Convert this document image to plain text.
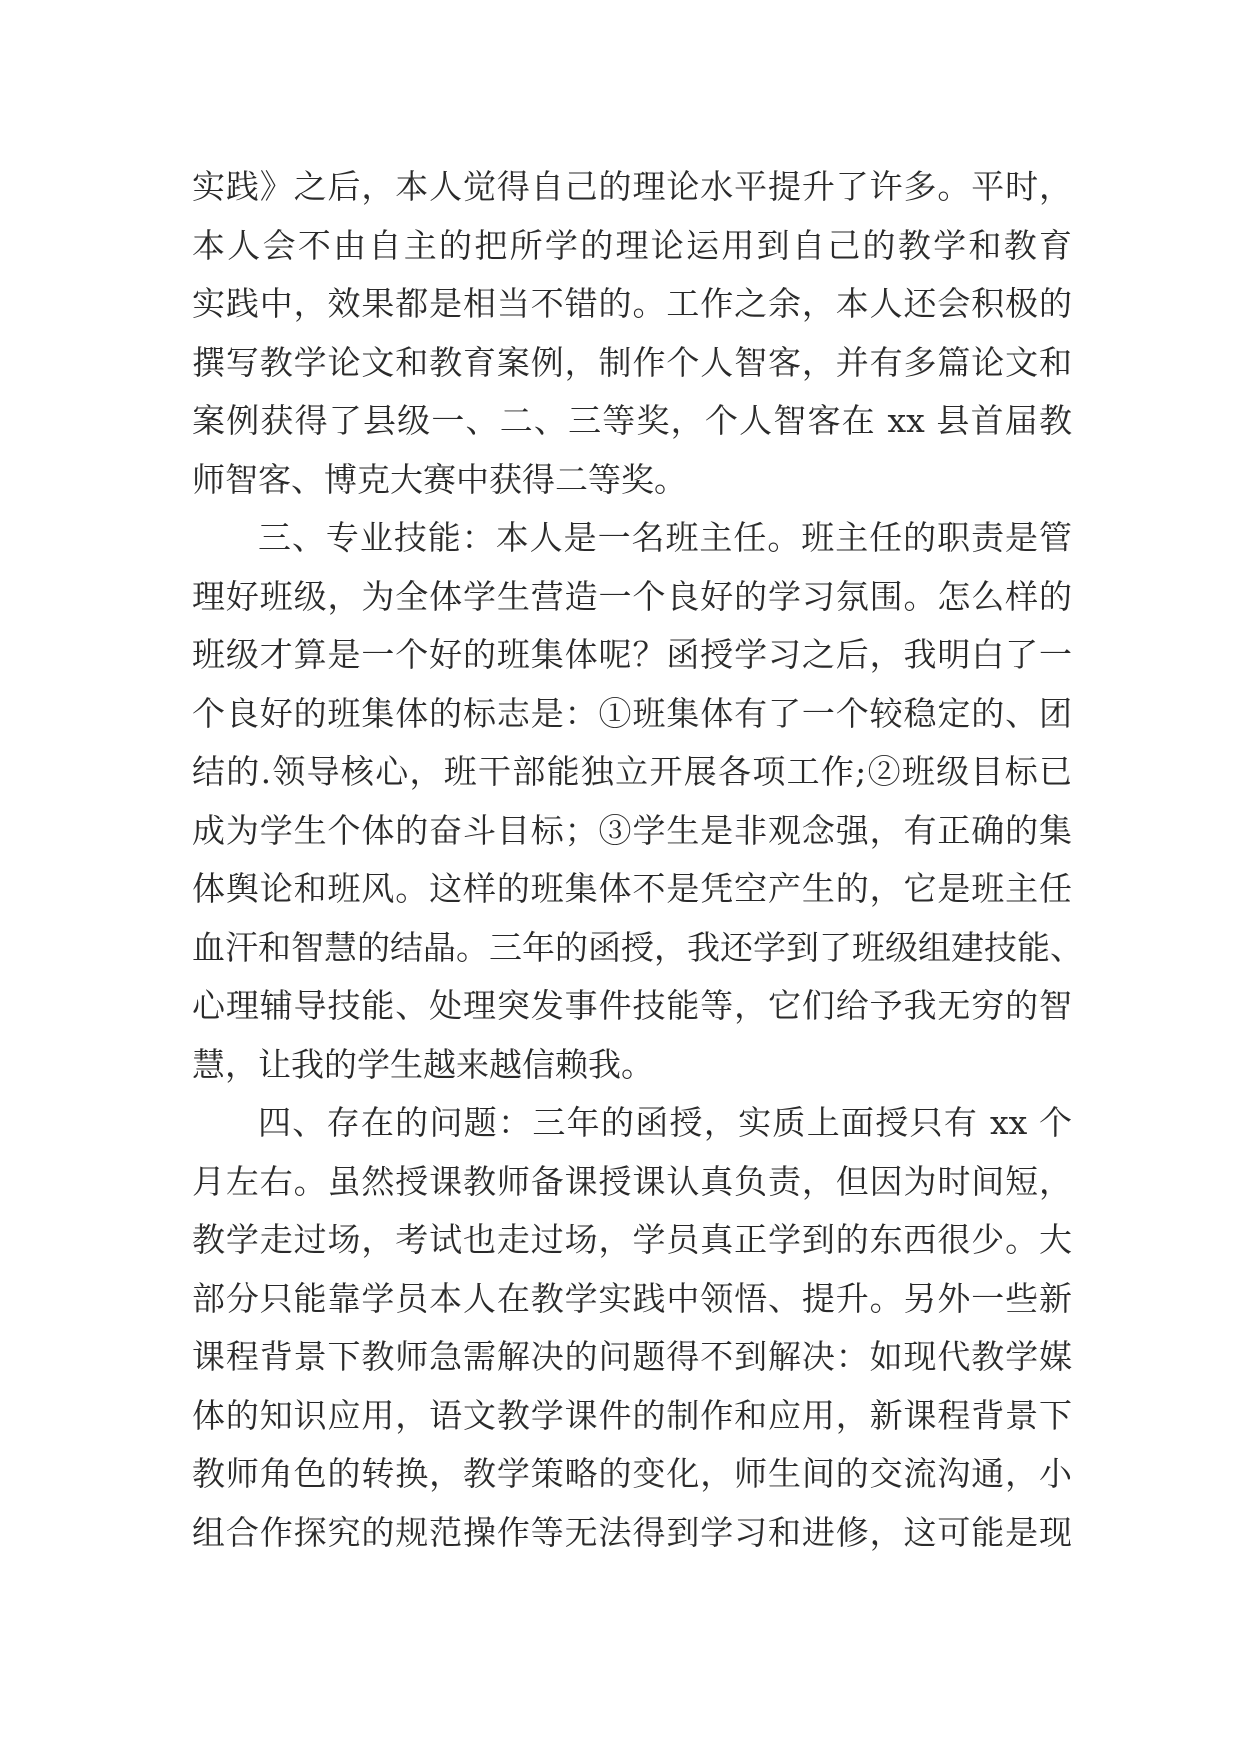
实践》之后，本人觉得自己的理论水平提升了许多。平时，
本人会不由自主的把所学的理论运用到自己的教学和教育
实践中，效果都是相当不错的。工作之余，本人还会积极的
撰写教学论文和教育案例，制作个人智客，并有多篇论文和
案例获得了县级一、二、三等奖，个人智客在 xx 县首届教
师智客、博克大赛中获得二等奖。
三、专业技能：本人是一名班主任。班主任的职责是管
理好班级，为全体学生营造一个良好的学习氛围。怎么样的
班级才算是一个好的班集体呢？函授学习之后，我明白了一
个良好的班集体的标志是：①班集体有了一个较稳定的、团
结的.领导核心，班干部能独立开展各项工作;②班级目标已
成为学生个体的奋斗目标；③学生是非观念强，有正确的集
体舆论和班风。这样的班集体不是凭空产生的，它是班主任
血汗和智慧的结晶。三年的函授，我还学到了班级组建技能、
心理辅导技能、处理突发事件技能等，它们给予我无穷的智
慧，让我的学生越来越信赖我。
四、存在的问题：三年的函授，实质上面授只有 xx 个
月左右。虽然授课教师备课授课认真负责，但因为时间短，
教学走过场，考试也走过场，学员真正学到的东西很少。大
部分只能靠学员本人在教学实践中领悟、提升。另外一些新
课程背景下教师急需解决的问题得不到解决：如现代教学媒
体的知识应用，语文教学课件的制作和应用，新课程背景下
教师角色的转换，教学策略的变化，师生间的交流沟通，小
组合作探究的规范操作等无法得到学习和进修，这可能是现
